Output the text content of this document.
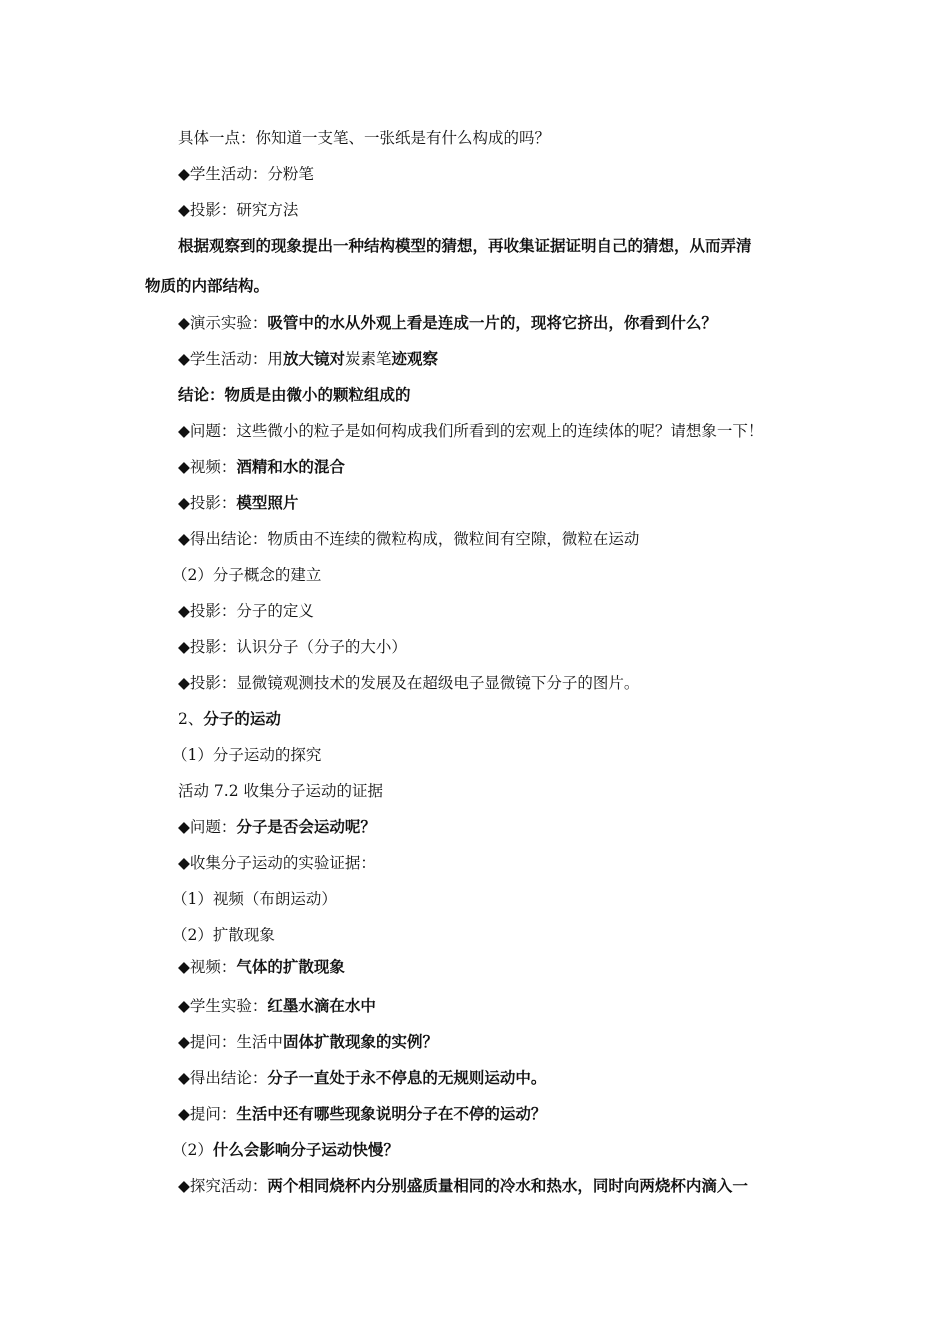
具体一点：你知道一支笔、一张纸是有什么构成的吗？
◆学生活动：分粉笔
◆投影：研究方法
根据观察到的现象提出一种结构模型的猜想，再收集证据证明自己的猜想，从而弄清
物质的内部结构。
◆演示实验：吸管中的水从外观上看是连成一片的，现将它挤出，你看到什么？
◆学生活动：用放大镜对炭素笔迹观察
结论：物质是由微小的颗粒组成的
◆问题：这些微小的粒子是如何构成我们所看到的宏观上的连续体的呢？请想象一下！
◆视频：酒精和水的混合
◆投影：模型照片
◆得出结论：物质由不连续的微粒构成，微粒间有空隙，微粒在运动
（2）分子概念的建立
◆投影：分子的定义
◆投影：认识分子（分子的大小）
◆投影：显微镜观测技术的发展及在超级电子显微镜下分子的图片。
2、分子的运动
（1）分子运动的探究
活动 7.2 收集分子运动的证据
◆问题：分子是否会运动呢？
◆收集分子运动的实验证据：
（1）视频（布朗运动）
（2）扩散现象
◆视频：气体的扩散现象
◆学生实验：红墨水滴在水中
◆提问：生活中固体扩散现象的实例？
◆得出结论：分子一直处于永不停息的无规则运动中。
◆提问：生活中还有哪些现象说明分子在不停的运动？
（2）什么会影响分子运动快慢？
◆探究活动：两个相同烧杯内分别盛质量相同的冷水和热水，同时向两烧杯内滴入一
